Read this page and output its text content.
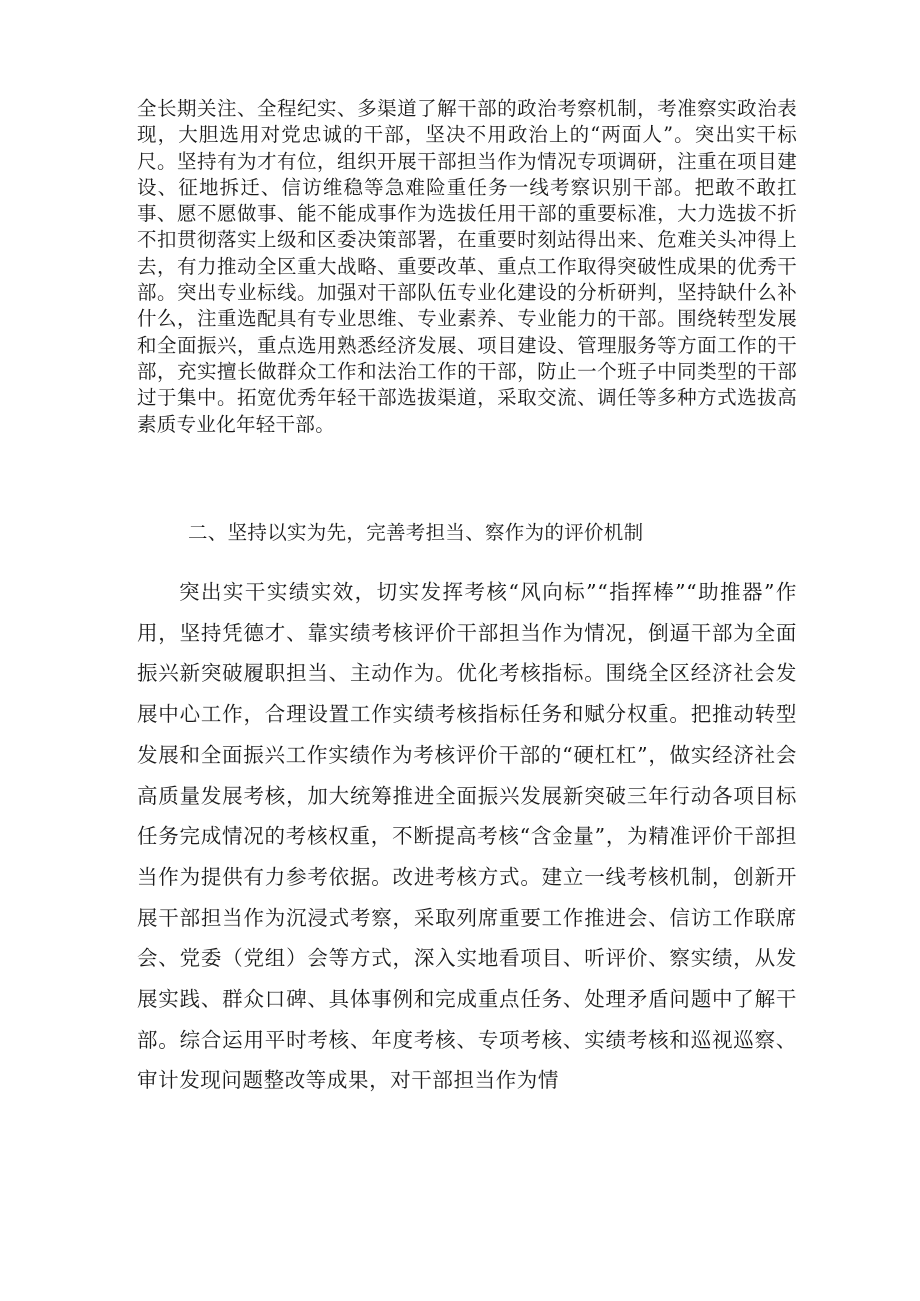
全长期关注、全程纪实、多渠道了解干部的政治考察机制，考准察实政治表现，大胆选用对党忠诚的干部，坚决不用政治上的“两面人”。突出实干标尺。坚持有为才有位，组织开展干部担当作为情况专项调研，注重在项目建设、征地拆迁、信访维稳等急难险重任务一线考察识别干部。把敢不敢扛事、愿不愿做事、能不能成事作为选拔任用干部的重要标准，大力选拔不折不扣贯彻落实上级和区委决策部署，在重要时刻站得出来、危难关头冲得上去，有力推动全区重大战略、重要改革、重点工作取得突破性成果的优秀干部。突出专业标线。加强对干部队伍专业化建设的分析研判，坚持缺什么补什么，注重选配具有专业思维、专业素养、专业能力的干部。围绕转型发展和全面振兴，重点选用熟悉经济发展、项目建设、管理服务等方面工作的干部，充实擅长做群众工作和法治工作的干部，防止一个班子中同类型的干部过于集中。拓宽优秀年轻干部选拔渠道，采取交流、调任等多种方式选拔高素质专业化年轻干部。

二、坚持以实为先，完善考担当、察作为的评价机制

突出实干实绩实效，切实发挥考核“风向标”“指挥棒”“助推器”作用，坚持凭德才、靠实绩考核评价干部担当作为情况，倒逼干部为全面振兴新突破履职担当、主动作为。优化考核指标。围绕全区经济社会发展中心工作，合理设置工作实绩考核指标任务和赋分权重。把推动转型发展和全面振兴工作实绩作为考核评价干部的“硬杠杠”，做实经济社会高质量发展考核，加大统筹推进全面振兴发展新突破三年行动各项目标任务完成情况的考核权重，不断提高考核“含金量”，为精准评价干部担当作为提供有力参考依据。改进考核方式。建立一线考核机制，创新开展干部担当作为沉浸式考察，采取列席重要工作推进会、信访工作联席会、党委（党组）会等方式，深入实地看项目、听评价、察实绩，从发展实践、群众口碑、具体事例和完成重点任务、处理矛盾问题中了解干部。综合运用平时考核、年度考核、专项考核、实绩考核和巡视巡察、审计发现问题整改等成果，对干部担当作为情
